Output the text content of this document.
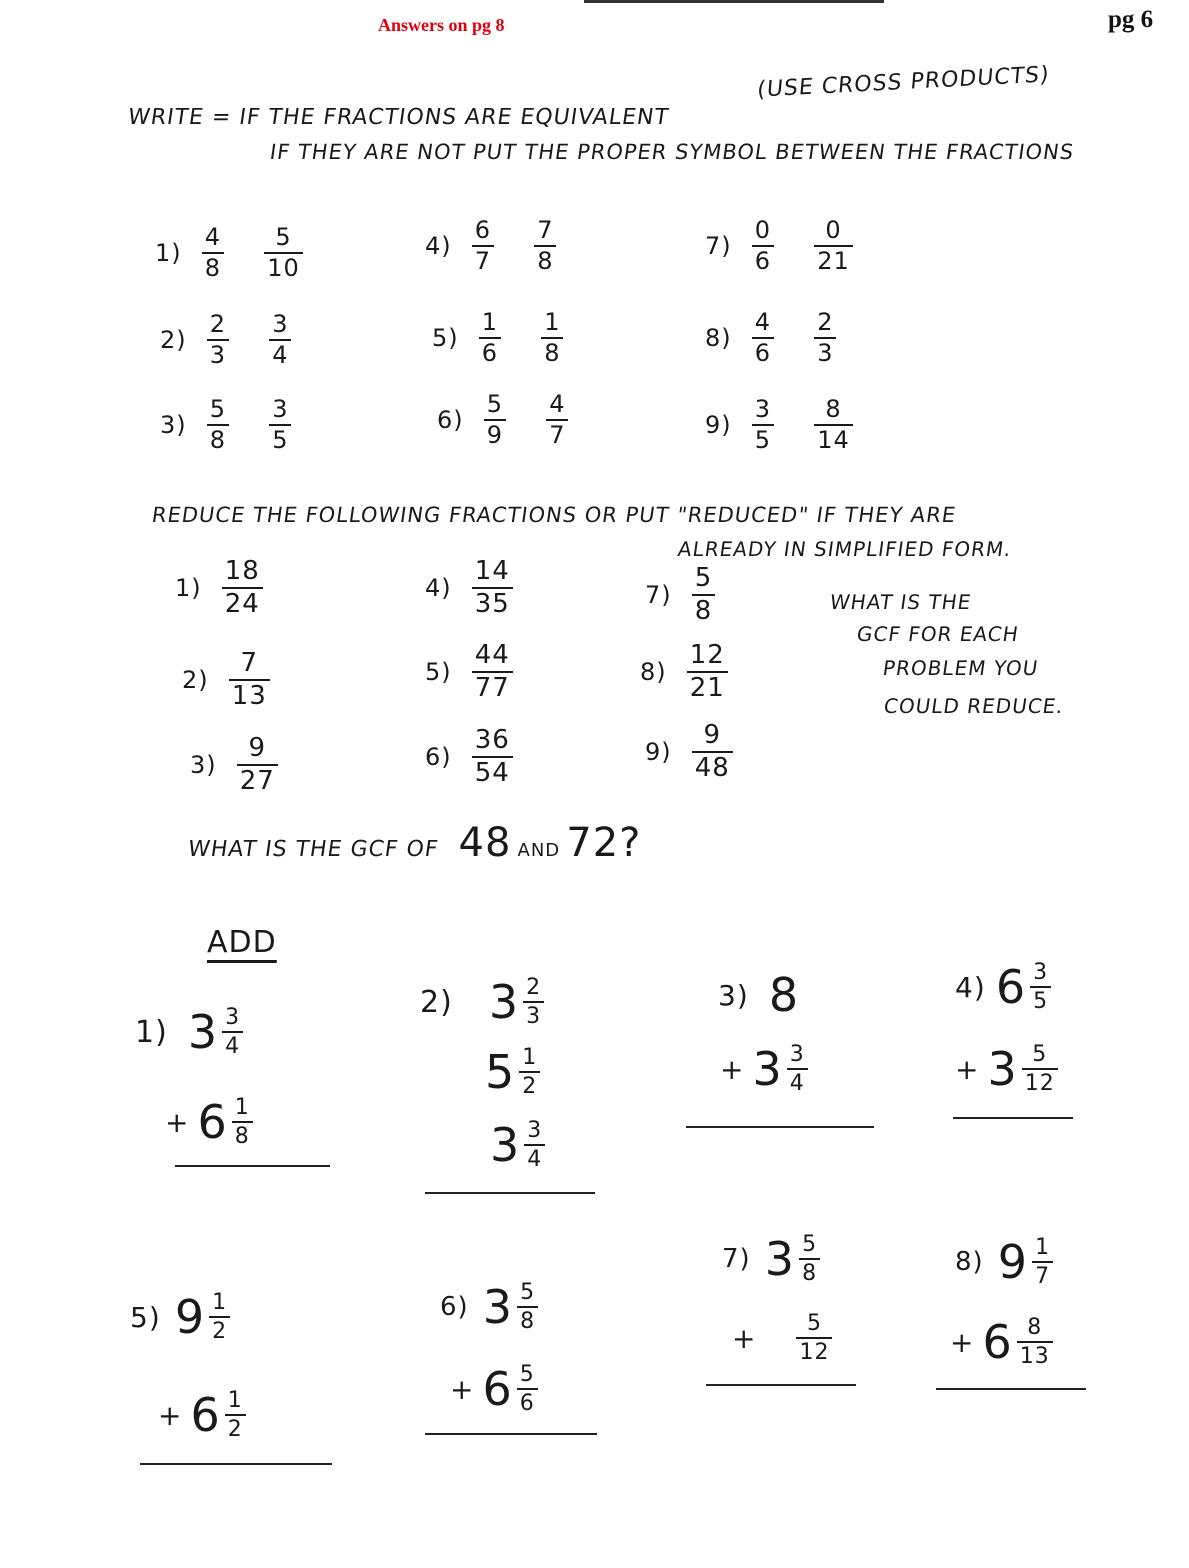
Answers on pg 8	pg 6
(USE CROSS PRODUCTS)
WRITE = IF THE FRACTIONS ARE EQUIVALENT
IF THEY ARE NOT PUT THE PROPER SYMBOL BETWEEN THE FRACTIONS
$1) \frac{4}{8}$
$\frac{5}{10}$
$2) \frac{2}{3}$
$\frac{3}{4}$
$3) \frac{5}{8}$
$\frac{3}{5}$
$4) \frac{6}{7}$
$\frac{7}{8}$
$5) \frac{1}{6}$
$\frac{1}{8}$
$6) \frac{5}{9}$
$\frac{4}{7}$
$7) \frac{0}{6}$
$\frac{0}{21}$
$8) \frac{4}{6}$
$\frac{2}{3}$
$9) \frac{3}{5}$
$\frac{8}{14}$
REDUCE THE FOLLOWING FRACTIONS OR PUT "REDUCED" IF THEY ARE
ALREADY IN SIMPLIFIED FORM.
WHAT IS THE
GCF FOR EACH
PROBLEM YOU
COULD REDUCE.
$1) \frac{18}{24}$
$2) \frac{7}{13}$
$3) \frac{9}{27}$
$4) \frac{14}{35}$
$5) \frac{44}{77}$
$6) \frac{36}{54}$
$7) \frac{5}{8}$
$8) \frac{12}{21}$
$9) \frac{9}{48}$
WHAT IS THE GCF OF 48 AND 72?
ADD
1) $3 \frac{3}{4}$
+ $6 \frac{1}{8}$
2) $3 \frac{2}{3}$
$5 \frac{1}{2}$
$3 \frac{3}{4}$
3) 8
+ $3 \frac{3}{4}$
4) $6 \frac{3}{5}$
+ $3 \frac{5}{12}$
5) $9 \frac{1}{2}$
+ $6 \frac{1}{2}$
6) $3 \frac{5}{8}$
+ $6 \frac{5}{6}$
7) $3 \frac{5}{8}$
+ $\frac{5}{12}$
8) $9 \frac{1}{7}$
+ $6 \frac{8}{13}$
